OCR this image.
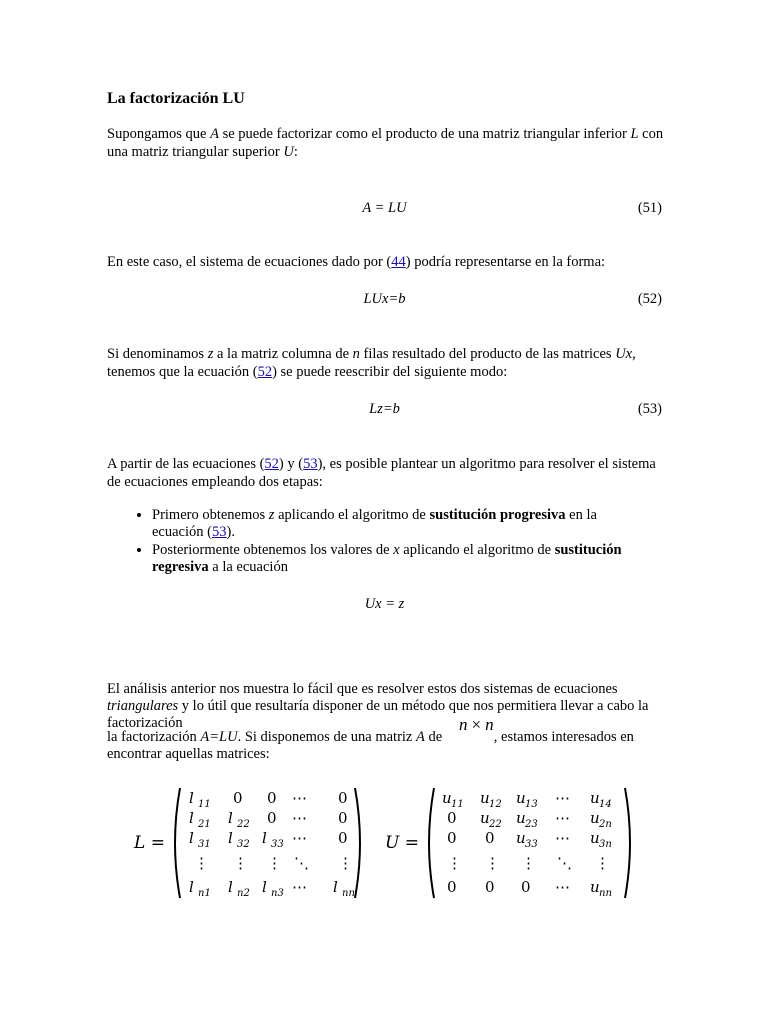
La factorización LU

Supongamos que A se puede factorizar como el producto de una matriz triangular inferior L con una matriz triangular superior U:

A = LU	(51)

En este caso, el sistema de ecuaciones dado por (44) podría representarse en la forma:

LUx=b	(52)

Si denominamos z a la matriz columna de n filas resultado del producto de las matrices Ux, tenemos que la ecuación (52) se puede reescribir del siguiente modo:

Lz=b	(53)

A partir de las ecuaciones (52) y (53), es posible plantear un algoritmo para resolver el sistema de ecuaciones empleando dos etapas:

• Primero obtenemos z aplicando el algoritmo de sustitución progresiva en la ecuación (53).
• Posteriormente obtenemos los valores de x aplicando el algoritmo de sustitución regresiva a la ecuación
Ux = z

El análisis anterior nos muestra lo fácil que es resolver estos dos sistemas de ecuaciones triangulares y lo útil que resultaría disponer de un método que nos permitiera llevar a cabo la factorización

la factorización A=LU. Si disponemos de una matriz A de	, estamos interesados en encontrar aquellas matrices:

n × n
L =	U =
l 11 0 0 ⋯ 0
l 21 l 22 0 ⋯ 0
l 31 l 32 l 33 ⋯ 0
⋮ ⋮ ⋮ ⋱ ⋮
l n1 l n2 l n3 ⋯ l nn
u 11 u 12 u 13 ⋯ u 14
0 u 22 u 23 ⋯ u 2n
0 0 u 33 ⋯ u 3n
⋮ ⋮ ⋮ ⋱ ⋮
0 0 0 ⋯ u nn
